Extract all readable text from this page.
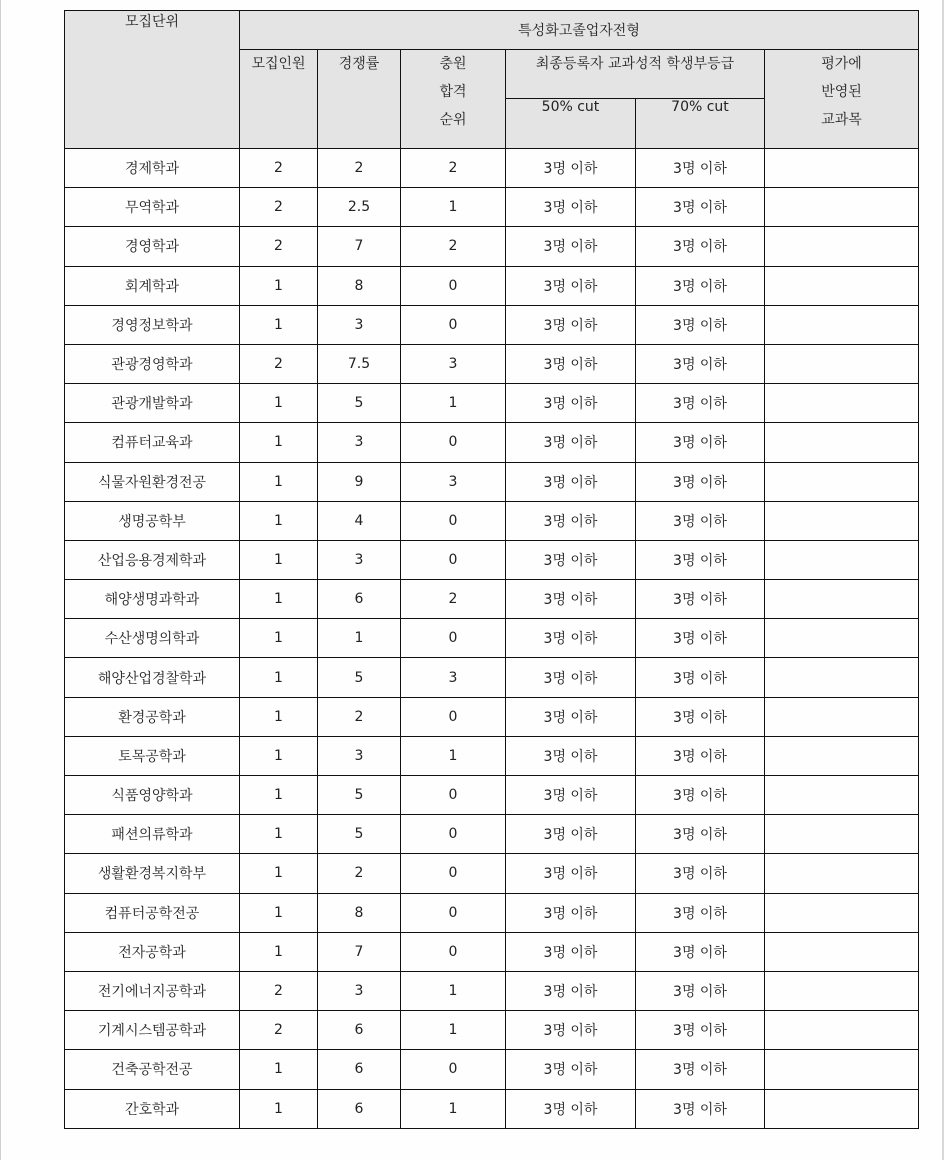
모집단위	특성화고졸업자전형					
	모집인원	경쟁률	충원
합격
순위	최종등록자 교과성적 학생부등급		평가에
반영된
교과목

				50% cut	70% cut	
경제학과	2	2	2	3명 이하	3명 이하	
무역학과	2	2.5	1	3명 이하	3명 이하	
경영학과	2	7	2	3명 이하	3명 이하	
회계학과	1	8	0	3명 이하	3명 이하	
경영정보학과	1	3	0	3명 이하	3명 이하	
관광경영학과	2	7.5	3	3명 이하	3명 이하	
관광개발학과	1	5	1	3명 이하	3명 이하	
컴퓨터교육과	1	3	0	3명 이하	3명 이하	
식물자원환경전공	1	9	3	3명 이하	3명 이하	
생명공학부	1	4	0	3명 이하	3명 이하	
산업응용경제학과	1	3	0	3명 이하	3명 이하	
해양생명과학과	1	6	2	3명 이하	3명 이하	
수산생명의학과	1	1	0	3명 이하	3명 이하	
해양산업경찰학과	1	5	3	3명 이하	3명 이하	
환경공학과	1	2	0	3명 이하	3명 이하	
토목공학과	1	3	1	3명 이하	3명 이하	
식품영양학과	1	5	0	3명 이하	3명 이하	
패션의류학과	1	5	0	3명 이하	3명 이하	
생활환경복지학부	1	2	0	3명 이하	3명 이하	
컴퓨터공학전공	1	8	0	3명 이하	3명 이하	
전자공학과	1	7	0	3명 이하	3명 이하	
전기에너지공학과	2	3	1	3명 이하	3명 이하	
기계시스템공학과	2	6	1	3명 이하	3명 이하	
건축공학전공	1	6	0	3명 이하	3명 이하	
간호학과	1	6	1	3명 이하	3명 이하	
